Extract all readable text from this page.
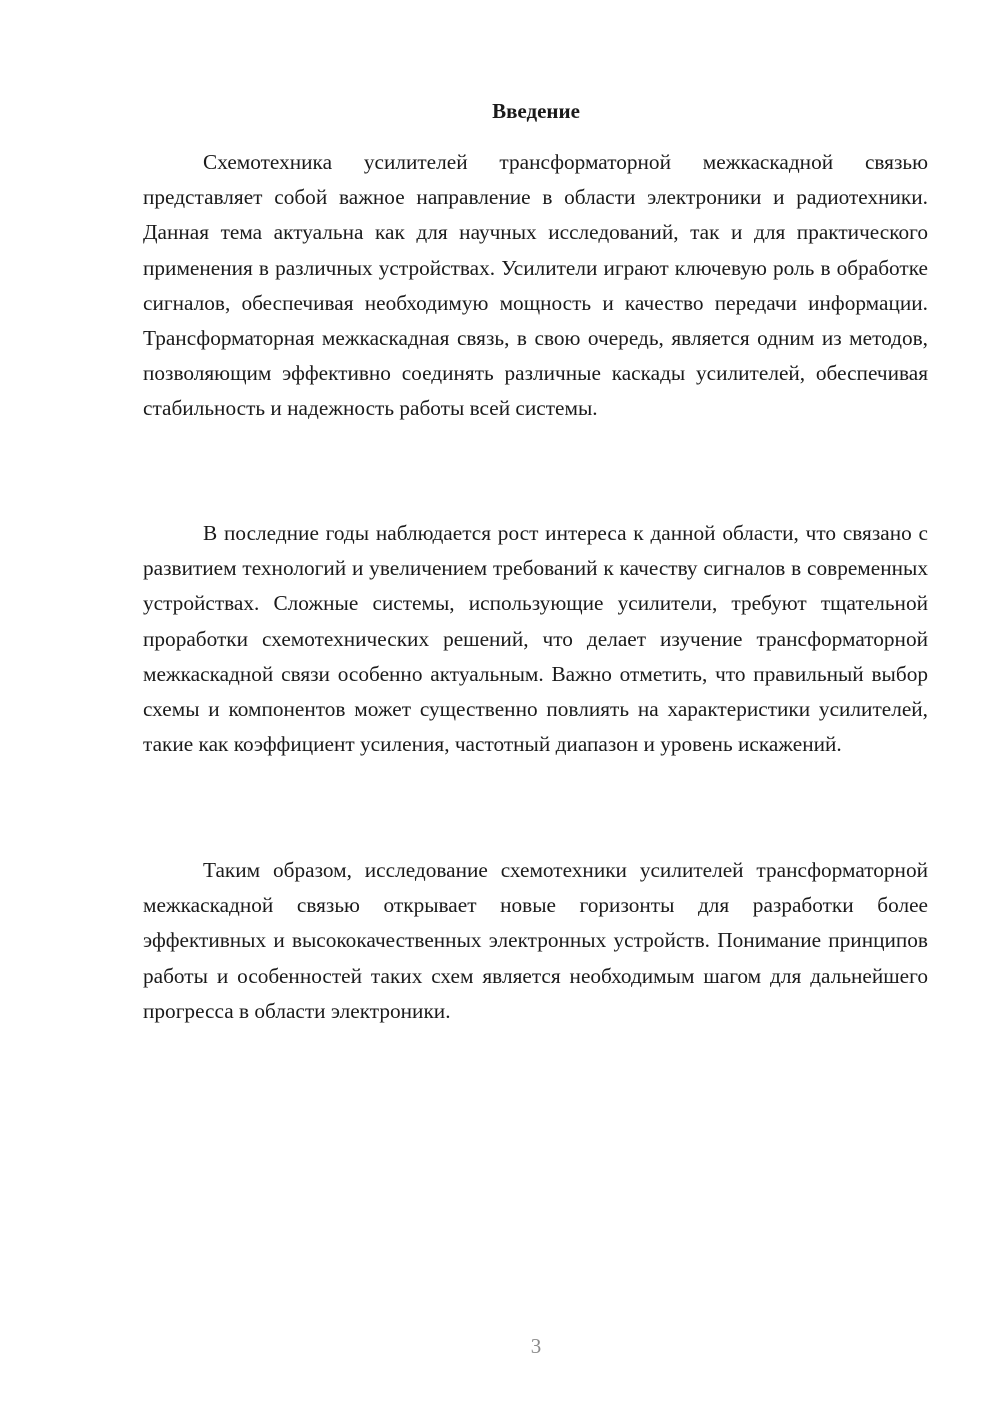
Введение

Схемотехника усилителей трансформаторной межкаскадной связью представляет собой важное направление в области электроники и радиотехники. Данная тема актуальна как для научных исследований, так и для практического применения в различных устройствах. Усилители играют ключевую роль в обработке сигналов, обеспечивая необходимую мощность и качество передачи информации. Трансформаторная межкаскадная связь, в свою очередь, является одним из методов, позволяющим эффективно соединять различные каскады усилителей, обеспечивая стабильность и надежность работы всей системы.

В последние годы наблюдается рост интереса к данной области, что связано с развитием технологий и увеличением требований к качеству сигналов в современных устройствах. Сложные системы, использующие усилители, требуют тщательной проработки схемотехнических решений, что делает изучение трансформаторной межкаскадной связи особенно актуальным. Важно отметить, что правильный выбор схемы и компонентов может существенно повлиять на характеристики усилителей, такие как коэффициент усиления, частотный диапазон и уровень искажений.

Таким образом, исследование схемотехники усилителей трансформаторной межкаскадной связью открывает новые горизонты для разработки более эффективных и высококачественных электронных устройств. Понимание принципов работы и особенностей таких схем является необходимым шагом для дальнейшего прогресса в области электроники.

3
